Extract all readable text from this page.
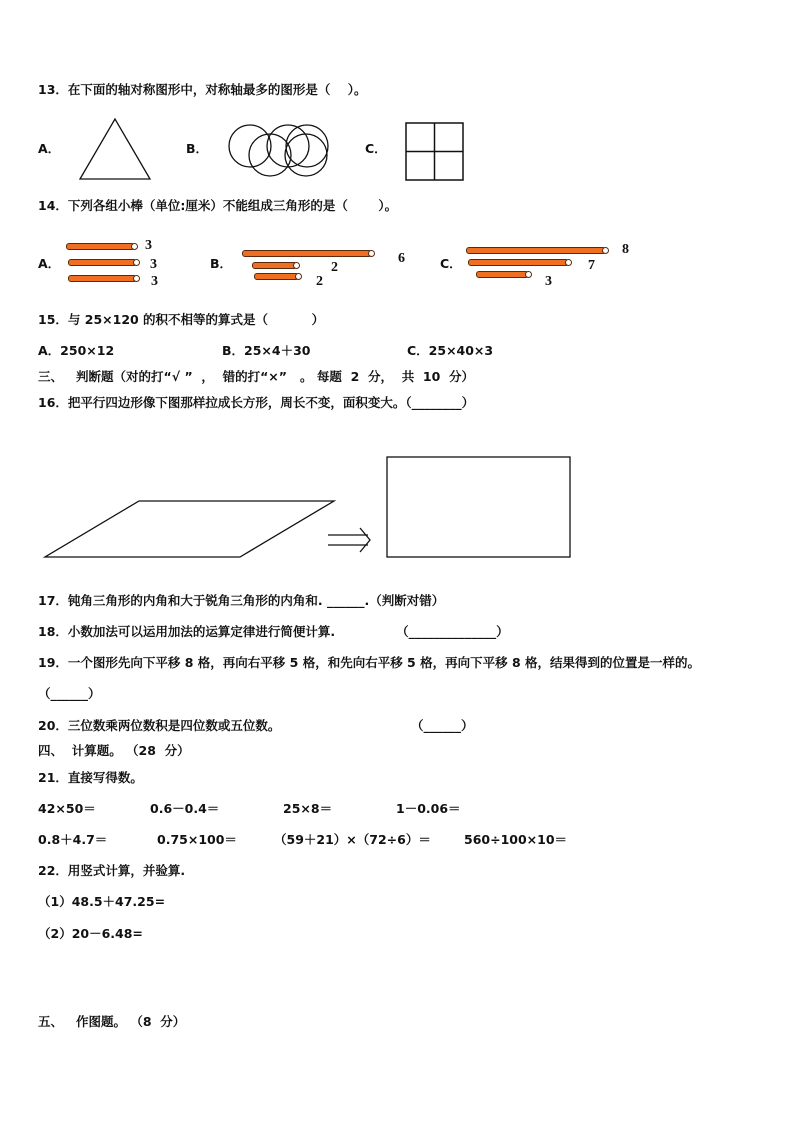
13．在下面的轴对称图形中，对称轴最多的图形是（    ）。
A．	B．	C．
14．下列各组小棒（单位:厘米）不能组成三角形的是（       ）。
A．	B．	C．
3
3
3
6
2
2
8
7
3
15．与 25×120 的积不相等的算式是（          ）
A．250×12	B．25×4＋30	C．25×40×3
三、   判断题（对的打“√ ”  ，  错的打“×”   。 每题  2  分，  共  10  分）
16．把平行四边形像下图那样拉成长方形，周长不变，面积变大。（________）
17．钝角三角形的内角和大于锐角三角形的内角和. ______.（判断对错）
18．小数加法可以运用加法的运算定律进行简便计算.              （______________）
19．一个图形先向下平移 8 格，再向右平移 5 格，和先向右平移 5 格，再向下平移 8 格，结果得到的位置是一样的。
（______）
20．三位数乘两位数积是四位数或五位数。                              （______）
四、  计算题。 （28  分）
21．直接写得数。
42×50＝	0.6－0.4＝	25×8＝	1－0.06＝
0.8＋4.7＝	0.75×100＝	（59＋21）×（72÷6）＝	560÷100×10＝
22．用竖式计算，并验算.
（1）48.5＋47.25=
（2）20－6.48=
五、   作图题。 （8  分）
